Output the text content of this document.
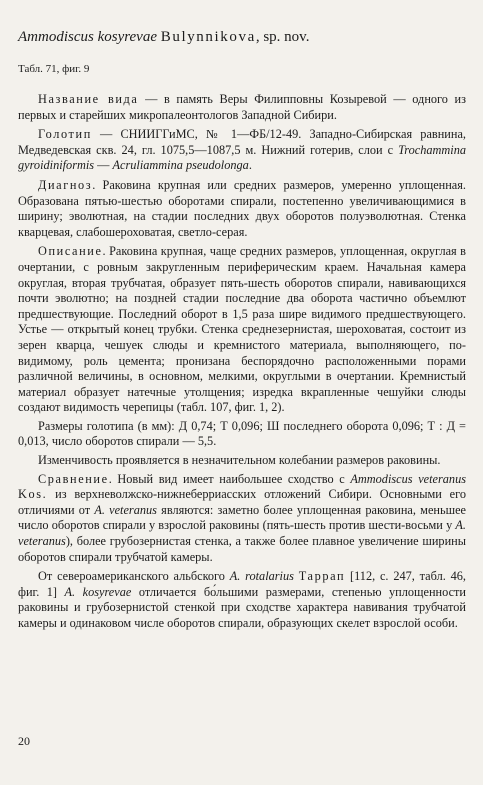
Ammodiscus kosyrevae Bulynnikova, sp. nov.
Табл. 71, фиг. 9

Название вида — в память Веры Филипповны Козыревой — одного из первых и старейших микропалеонтологов Западной Сибири.

Голотип — СНИИГГиМС, № 1—ФБ/12-49. Западно-Сибирская равнина, Медведевская скв. 24, гл. 1075,5—1087,5 м. Нижний готерив, слои с Trochammina gyroidiniformis — Acruliammina pseudolonga.

Диагноз. Раковина крупная или средних размеров, умеренно уплощенная. Образована пятью-шестью оборотами спирали, постепенно увеличивающимися в ширину; эволютная, на стадии последних двух оборотов полуэволютная. Стенка кварцевая, слабошероховатая, светло-серая.

Описание. Раковина крупная, чаще средних размеров, уплощенная, округлая в очертании, с ровным закругленным периферическим краем. Начальная камера округлая, вторая трубчатая, образует пять-шесть оборотов спирали, навивающихся почти эволютно; на поздней стадии последние два оборота частично объемлют предшествующие. Последний оборот в 1,5 раза шире видимого предшествующего. Устье — открытый конец трубки. Стенка среднезернистая, шероховатая, состоит из зерен кварца, чешуек слюды и кремнистого материала, выполняющего, по-видимому, роль цемента; пронизана беспорядочно расположенными порами различной величины, в основном, мелкими, округлыми в очертании. Кремнистый материал образует натечные утолщения; изредка вкрапленные чешуйки слюды создают видимость черепицы (табл. 107, фиг. 1, 2).

Размеры голотипа (в мм): Д 0,74; Т 0,096; Ш последнего оборота 0,096; Т : Д = 0,013, число оборотов спирали — 5,5.

Изменчивость проявляется в незначительном колебании размеров раковины.

Сравнение. Новый вид имеет наибольшее сходство с Ammodiscus veteranus Kos. из верхневолжско-нижнеберриасских отложений Сибири. Основными его отличиями от A. veteranus являются: заметно более уплощенная раковина, меньшее число оборотов спирали у взрослой раковины (пять-шесть против шести-восьми у A. veteranus), более грубозернистая стенка, а также более плавное увеличение ширины оборотов спирали трубчатой камеры.

От североамериканского альбского A. rotalarius Таррап [112, с. 247, табл. 46, фиг. 1] A. kosyrevae отличается бо́льшими размерами, степенью уплощенности раковины и грубозернистой стенкой при сходстве характера навивания трубчатой камеры и одинаковом числе оборотов спирали, образующих скелет взрослой особи.

20
